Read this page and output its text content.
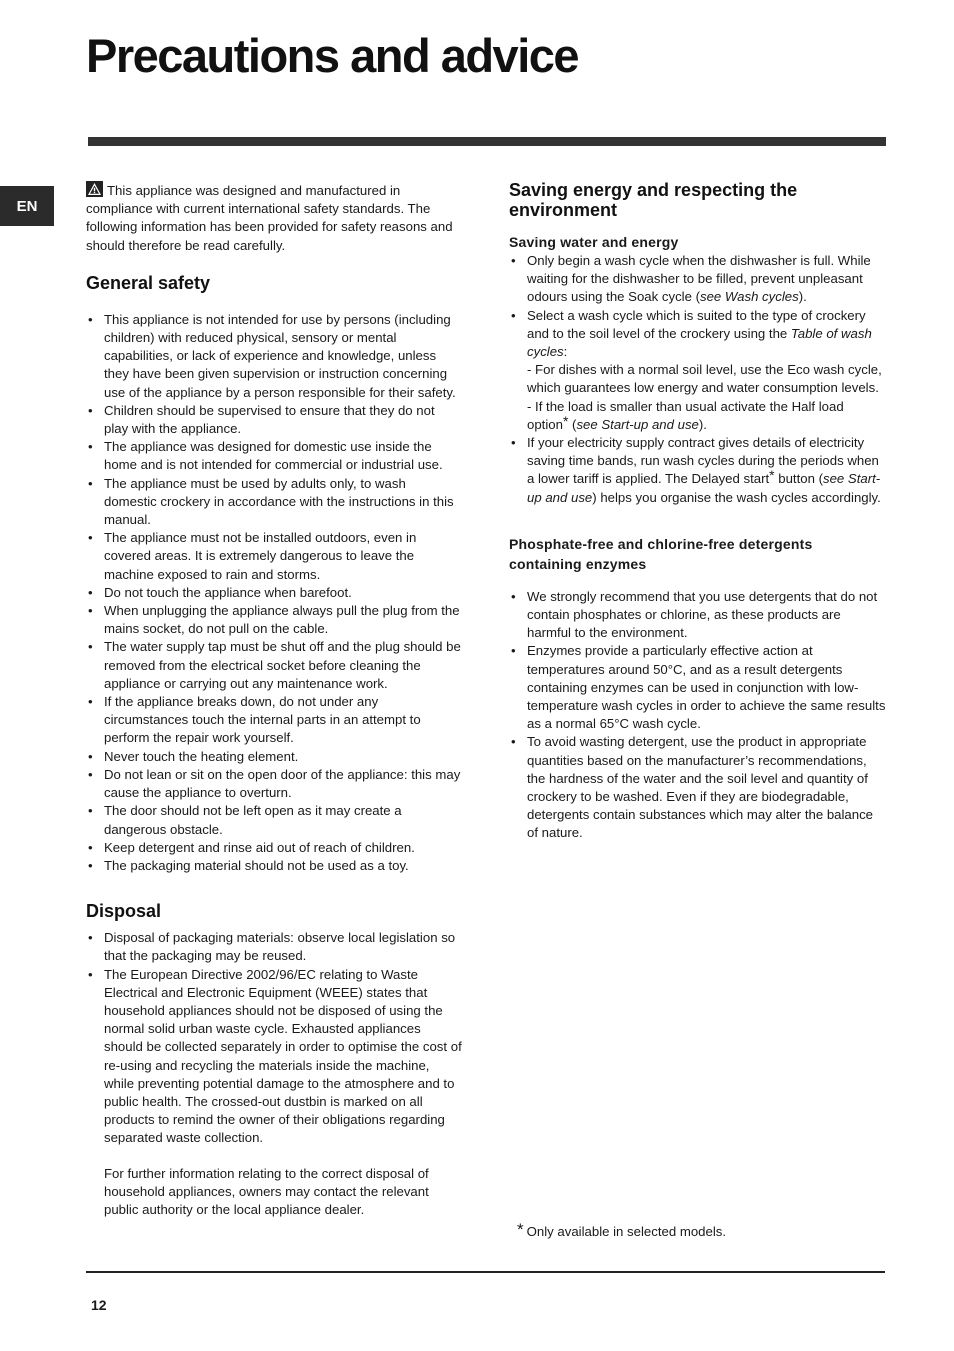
Precautions and advice
EN

This appliance was designed and manufactured in compliance with current international safety standards. The following information has been provided for safety reasons and should therefore be read carefully.

General safety
• This appliance is not intended for use by persons (including children) with reduced physical, sensory or mental capabilities, or lack of experience and knowledge, unless they have been given supervision or instruction concerning use of the appliance by a person responsible for their safety.
• Children should be supervised to ensure that they do not play with the appliance.
• The appliance was designed for domestic use inside the home and is not intended for commercial or industrial use.
• The appliance must be used by adults only, to wash domestic crockery in accordance with the instructions in this manual.
• The appliance must not be installed outdoors, even in covered areas. It is extremely dangerous to leave the machine exposed to rain and storms.
• Do not touch the appliance when barefoot.
• When unplugging the appliance always pull the plug from the mains socket, do not pull on the cable.
• The water supply tap must be shut off and the plug should be removed from the electrical socket before cleaning the appliance or carrying out any maintenance work.
• If the appliance breaks down, do not under any circumstances touch the internal parts in an attempt to perform the repair work yourself.
• Never touch the heating element.
• Do not lean or sit on the open door of the appliance: this may cause the appliance to overturn.
• The door should not be left open as it may create a dangerous obstacle.
• Keep detergent and rinse aid out of reach of children.
• The packaging material should not be used as a toy.
Disposal
• Disposal of packaging materials: observe local legislation so that the packaging may be reused.
• The European Directive 2002/96/EC relating to Waste Electrical and Electronic Equipment (WEEE) states that household appliances should not be disposed of using the normal solid urban waste cycle. Exhausted appliances should be collected separately in order to optimise the cost of re-using and recycling the materials inside the machine, while preventing potential damage to the atmosphere and to public health. The crossed-out dustbin is marked on all products to remind the owner of their obligations regarding separated waste collection.

For further information relating to the correct disposal of household appliances, owners may contact the relevant public authority or the local appliance dealer.

Saving energy and respecting the environment
Saving water and energy
• Only begin a wash cycle when the dishwasher is full. While waiting for the dishwasher to be filled, prevent unpleasant odours using the Soak cycle (see Wash cycles).
• Select a wash cycle which is suited to the type of crockery and to the soil level of the crockery using the Table of wash cycles:
- For dishes with a normal soil level, use the Eco wash cycle, which guarantees low energy and water consumption levels.
- If the load is smaller than usual activate the Half load option* (see Start-up and use).
• If your electricity supply contract gives details of electricity saving time bands, run wash cycles during the periods when a lower tariff is applied. The Delayed start* button (see Start-up and use) helps you organise the wash cycles accordingly.
Phosphate-free and chlorine-free detergents containing enzymes
• We strongly recommend that you use detergents that do not contain phosphates or chlorine, as these products are harmful to the environment.
• Enzymes provide a particularly effective action at temperatures around 50°C, and as a result detergents containing enzymes can be used in conjunction with low-temperature wash cycles in order to achieve the same results as a normal 65°C wash cycle.
• To avoid wasting detergent, use the product in appropriate quantities based on the manufacturer’s recommendations, the hardness of the water and the soil level and quantity of crockery to be washed. Even if they are biodegradable, detergents contain substances which may alter the balance of nature.
* Only available in selected models.
12
